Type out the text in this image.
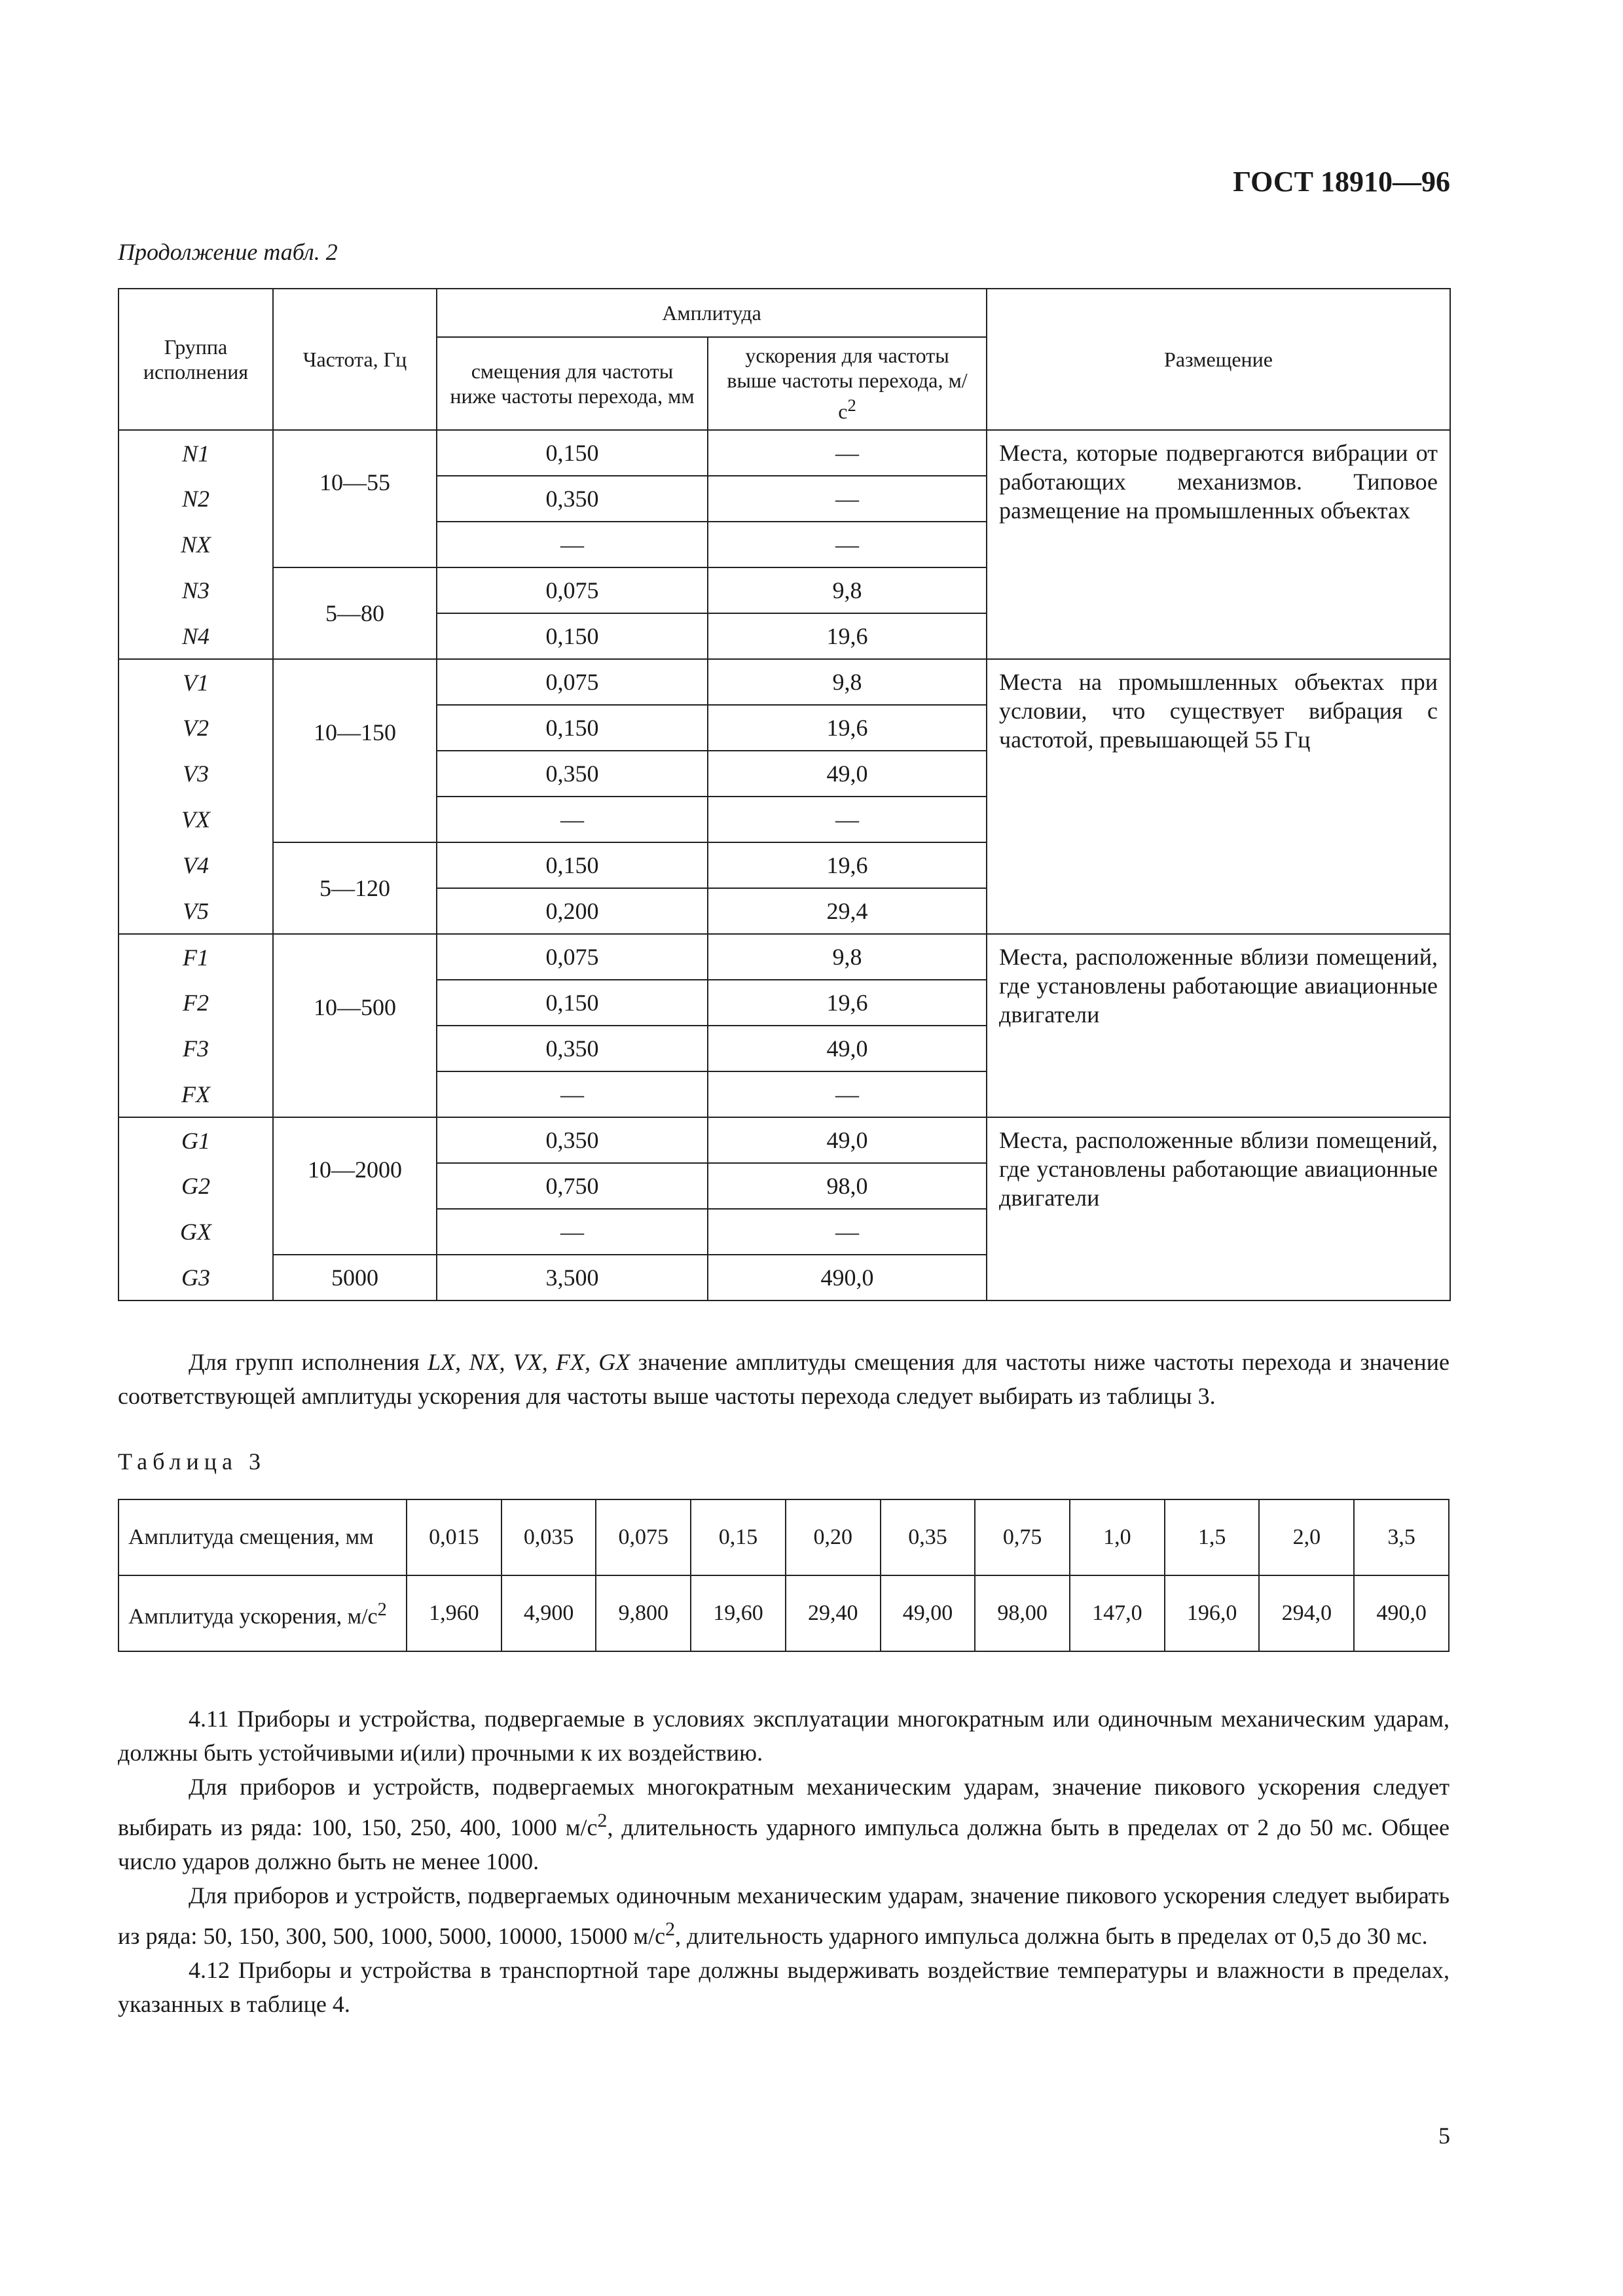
ГОСТ 18910—96
Продолжение табл. 2
Группа исполнения	Частота, Гц	Амплитуда		Размещение
		смещения для частоты ниже частоты перехода, мм	ускорения для частоты выше частоты перехода, $м/с^2$
N1	10—55	0,150	—	Места, которые подвергаются вибрации от работающих механизмов. Типовое размещение на промышленных объектах
N2		0,350	—	
NX		—	—	
N3	5—80	0,075	9,8	
N4		0,150	19,6	
V1	10—150	0,075	9,8	Места на промышленных объектах при условии, что существует вибрация с частотой, превышающей 55 Гц
V2		0,150	19,6	
V3		0,350	49,0	
VX		—	—	
V4	5—120	0,150	19,6	
V5		0,200	29,4	
F1	10—500	0,075	9,8	Места, расположенные вблизи помещений, где установлены работающие авиационные двигатели
F2		0,150	19,6	
F3		0,350	49,0	
FX		—	—	
G1	10—2000	0,350	49,0	Места, расположенные вблизи помещений, где установлены работающие авиационные двигатели
G2		0,750	98,0	
GX		—	—	
G3	5000	3,500	490,0	

Для групп исполнения LX, NX, VX, FX, GX значение амплитуды смещения для частоты ниже частоты перехода и значение соответствующей амплитуды ускорения для частоты выше частоты перехода следует выбирать из таблицы 3.

Таблица 3
Амплитуда смещения, мм	0,015	0,035	0,075	0,15	0,20	0,35	0,75	1,0	1,5	2,0	3,5
Амплитуда ускорения, $м/с^2$	1,960	4,900	9,800	19,60	29,40	49,00	98,00	147,0	196,0	294,0	490,0

4.11 Приборы и устройства, подвергаемые в условиях эксплуатации многократным или одиночным механическим ударам, должны быть устойчивыми и(или) прочными к их воздействию.

Для приборов и устройств, подвергаемых многократным механическим ударам, значение пикового ускорения следует выбирать из ряда: 100, 150, 250, 400, 1000 $м/с^2$, длительность ударного импульса должна быть в пределах от 2 до 50 мс. Общее число ударов должно быть не менее 1000.

Для приборов и устройств, подвергаемых одиночным механическим ударам, значение пикового ускорения следует выбирать из ряда: 50, 150, 300, 500, 1000, 5000, 10000, 15000 $м/с^2$, длительность ударного импульса должна быть в пределах от 0,5 до 30 мс.

4.12 Приборы и устройства в транспортной таре должны выдерживать воздействие температуры и влажности в пределах, указанных в таблице 4.

5
